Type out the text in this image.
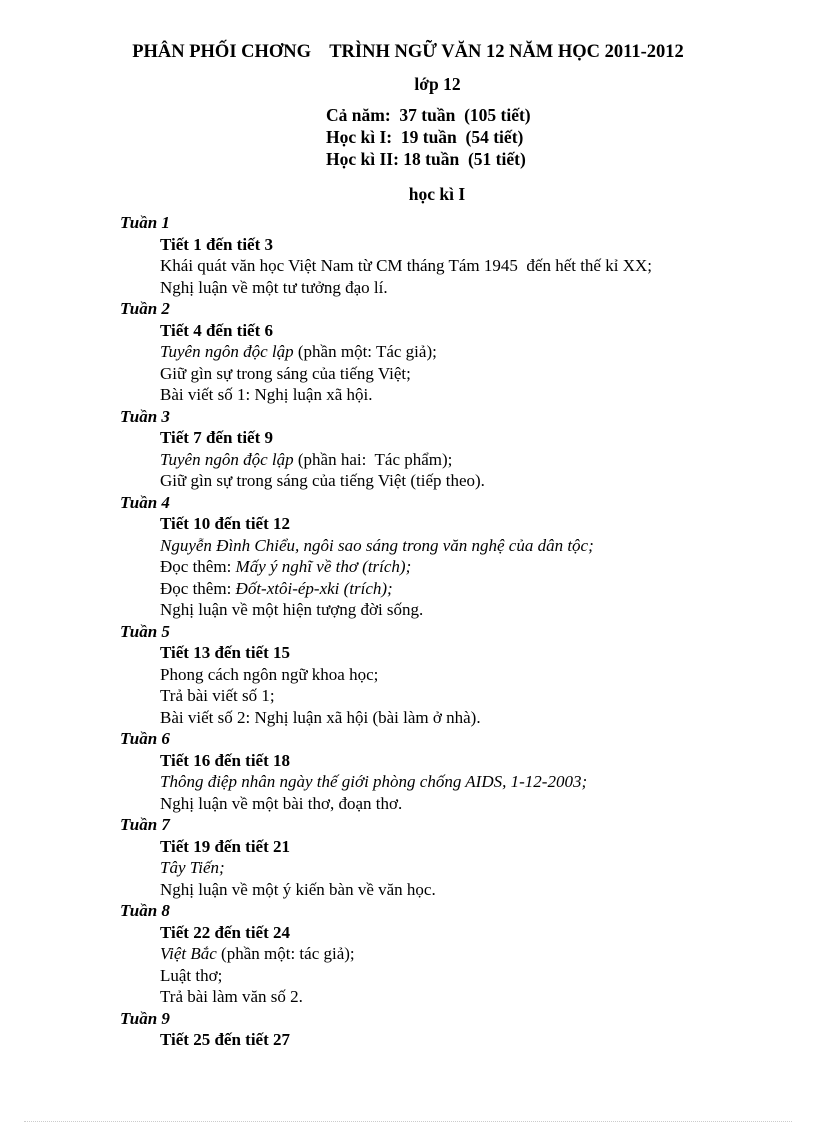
PHÂN PHỐI CHƠNG    TRÌNH NGỮ VĂN 12 NĂM HỌC 2011-2012
lớp 12
Cả năm:  37 tuần  (105 tiết)
Học kì I:  19 tuần  (54 tiết)
Học kì II: 18 tuần  (51 tiết)
học kì I
Tuần 1
Tiết 1 đến tiết 3
Khái quát văn học Việt Nam từ CM tháng Tám 1945  đến hết thế kỉ XX;
Nghị luận về một tư tưởng đạo lí.
Tuần 2
Tiết 4 đến tiết 6
Tuyên ngôn độc lập (phần một: Tác giả);
Giữ gìn sự trong sáng của tiếng Việt;
Bài viết số 1: Nghị luận xã hội.
Tuần 3
Tiết 7 đến tiết 9
Tuyên ngôn độc lập (phần hai:  Tác phẩm);
Giữ gìn sự trong sáng của tiếng Việt (tiếp theo).
Tuần 4
Tiết 10 đến tiết 12
Nguyễn Đình Chiểu, ngôi sao sáng trong văn nghệ của dân tộc;
Đọc thêm: Mấy ý nghĩ về thơ (trích);
Đọc thêm: Đốt-xtôi-ép-xki (trích);
Nghị luận về một hiện tượng đời sống.
Tuần 5
Tiết 13 đến tiết 15
Phong cách ngôn ngữ khoa học;
Trả bài viết số 1;
Bài viết số 2: Nghị luận xã hội (bài làm ở nhà).
Tuần 6
Tiết 16 đến tiết 18
Thông điệp nhân ngày thế giới phòng chống AIDS, 1-12-2003;
Nghị luận về một bài thơ, đoạn thơ.
Tuần 7
Tiết 19 đến tiết 21
Tây Tiến;
Nghị luận về một ý kiến bàn về văn học.
Tuần 8
Tiết 22 đến tiết 24
Việt Bắc (phần một: tác giả);
Luật thơ;
Trả bài làm văn số 2.
Tuần 9
Tiết 25 đến tiết 27
